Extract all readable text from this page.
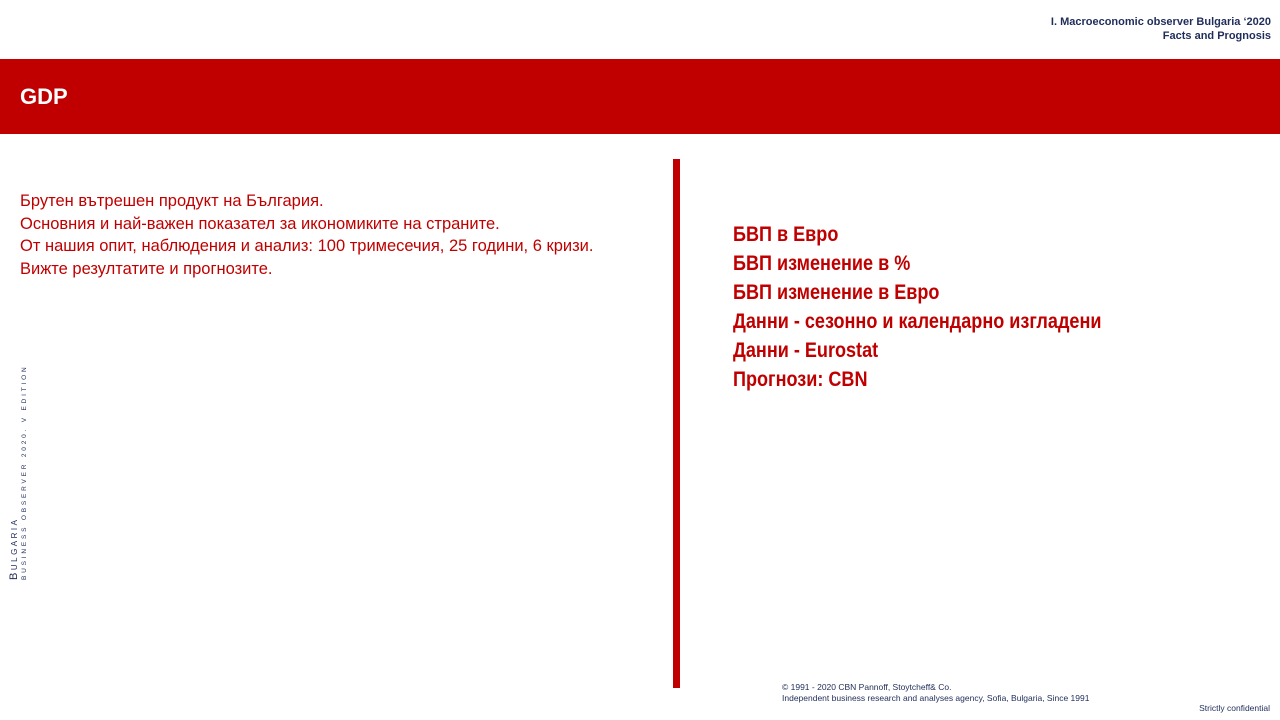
I. Macroeconomic observer Bulgaria ‘2020
Facts and Prognosis
GDP
Брутен вътрешен продукт на България.
Основния и най-важен показател за икономиките на страните.
От нашия опит, наблюдения и анализ: 100 тримесечия, 25 години, 6 кризи.
Вижте резултатите и прогнозите.
БВП в Евро
БВП изменение в %
БВП изменение в Евро
Данни - сезонно и календарно изгладени
Данни - Eurostat
Прогнози: CBN
BULGARIA BUSINESS OBSERVER 2020. V EDITION
© 1991 - 2020 CBN Pannoff, Stoytcheff& Co.
Independent business research and analyses agency, Sofia, Bulgaria, Since 1991
Strictly confidential
